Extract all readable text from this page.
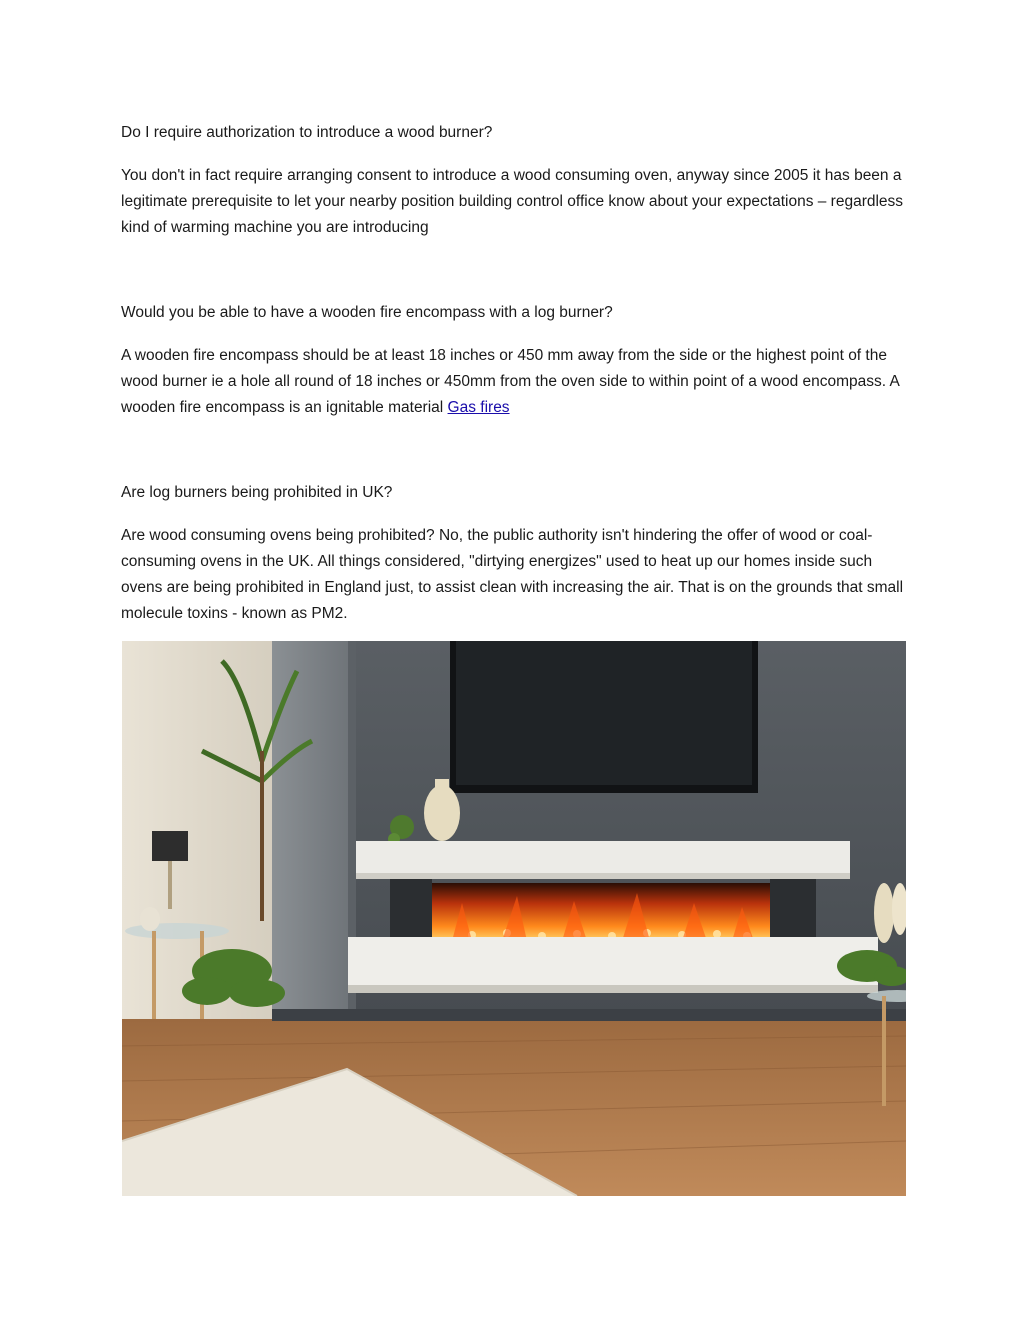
Do I require authorization to introduce a wood burner?

You don't in fact require arranging consent to introduce a wood consuming oven, anyway since 2005 it has been a legitimate prerequisite to let your nearby position building control office know about your expectations – regardless kind of warming machine you are introducing

Would you be able to have a wooden fire encompass with a log burner?

A wooden fire encompass should be at least 18 inches or 450 mm away from the side or the highest point of the wood burner ie a hole all round of 18 inches or 450mm from the oven side to within point of a wood encompass. A wooden fire encompass is an ignitable material Gas fires

Are log burners being prohibited in UK?

Are wood consuming ovens being prohibited? No, the public authority isn't hindering the offer of wood or coal-consuming ovens in the UK. All things considered, "dirtying energizes" used to heat up our homes inside such ovens are being prohibited in England just, to assist clean with increasing the air. That is on the grounds that small molecule toxins - known as PM2.
